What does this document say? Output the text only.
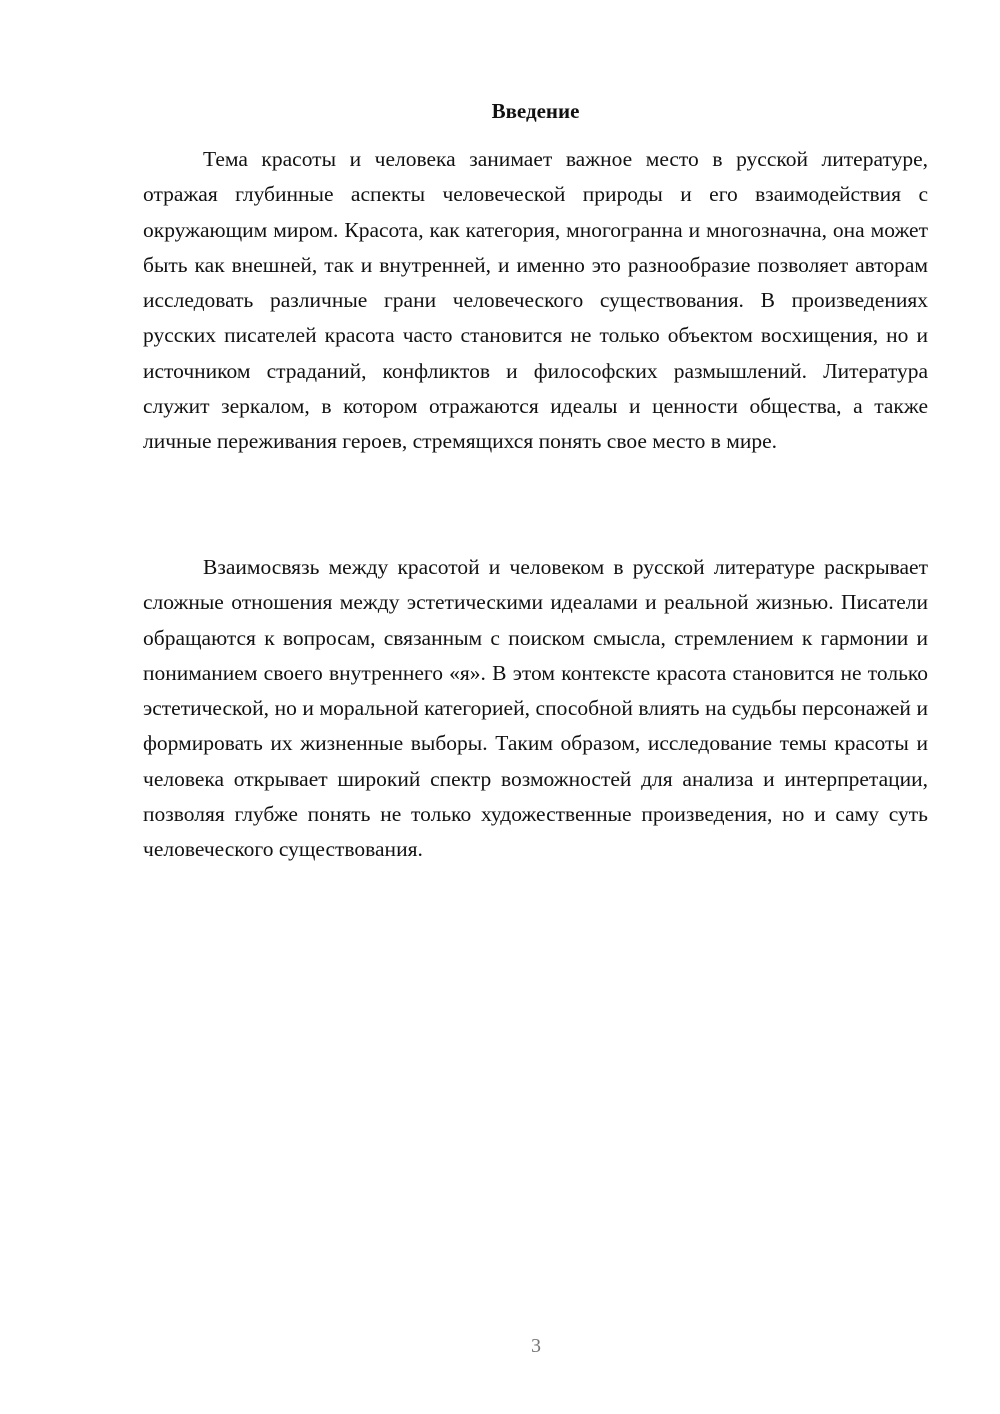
Введение

Тема красоты и человека занимает важное место в русской литературе, отражая глубинные аспекты человеческой природы и его взаимодействия с окружающим миром. Красота, как категория, многогранна и многозначна, она может быть как внешней, так и внутренней, и именно это разнообразие позволяет авторам исследовать различные грани человеческого существования. В произведениях русских писателей красота часто становится не только объектом восхищения, но и источником страданий, конфликтов и философских размышлений. Литература служит зеркалом, в котором отражаются идеалы и ценности общества, а также личные переживания героев, стремящихся понять свое место в мире.

Взаимосвязь между красотой и человеком в русской литературе раскрывает сложные отношения между эстетическими идеалами и реальной жизнью. Писатели обращаются к вопросам, связанным с поиском смысла, стремлением к гармонии и пониманием своего внутреннего «я». В этом контексте красота становится не только эстетической, но и моральной категорией, способной влиять на судьбы персонажей и формировать их жизненные выборы. Таким образом, исследование темы красоты и человека открывает широкий спектр возможностей для анализа и интерпретации, позволяя глубже понять не только художественные произведения, но и саму суть человеческого существования.

3
